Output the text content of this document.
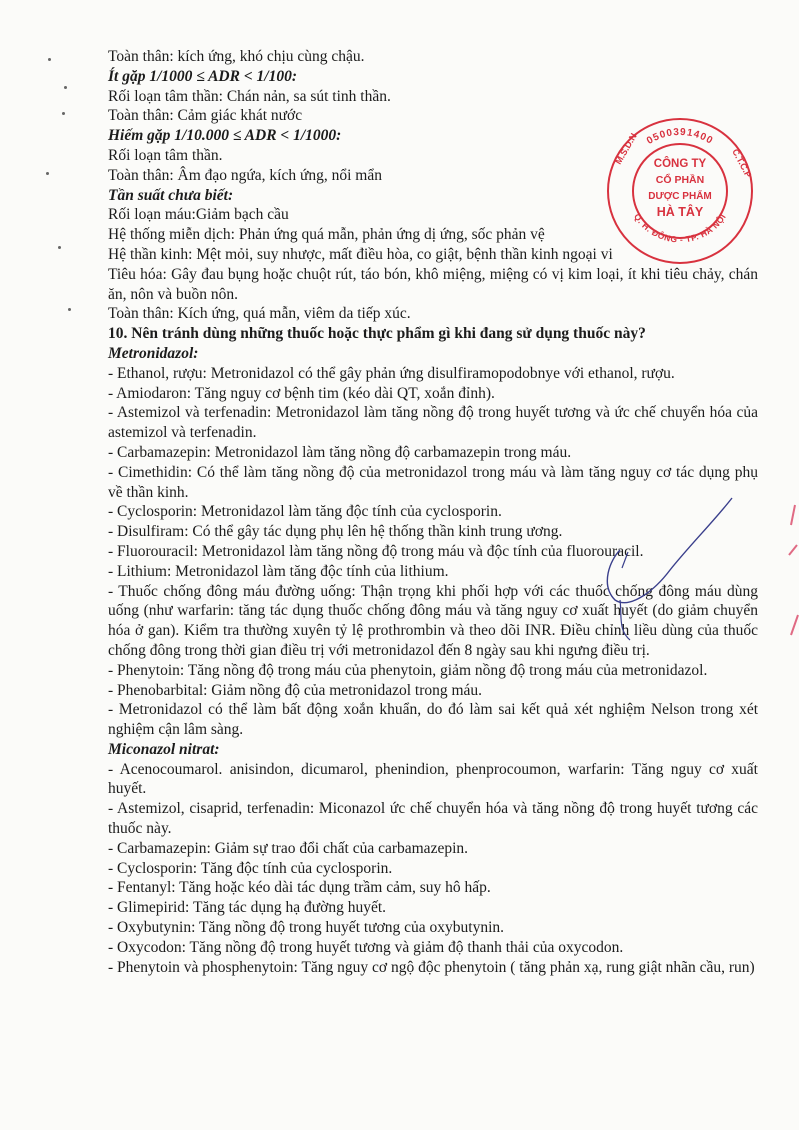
Toàn thân: kích ứng, khó chịu cùng chậu.
Ít gặp 1/1000 ≤ ADR < 1/100:
Rối loạn tâm thần: Chán nản, sa sút tinh thần.
Toàn thân: Cảm giác khát nước
Hiếm gặp 1/10.000 ≤ ADR < 1/1000:
Rối loạn tâm thần.
Toàn thân: Âm đạo ngứa, kích ứng, nổi mẩn
Tần suất chưa biết:
Rối loạn máu:Giảm bạch cầu
Hệ thống miễn dịch: Phản ứng quá mẫn, phản ứng dị ứng, sốc phản vệ
Hệ thần kinh: Mệt mỏi, suy nhược, mất điều hòa, co giật, bệnh thần kinh ngoại vi
Tiêu hóa: Gây đau bụng hoặc chuột rút, táo bón, khô miệng, miệng có vị kim loại, ít khi tiêu chảy, chán ăn, nôn và buồn nôn.
Toàn thân: Kích ứng, quá mẫn, viêm da tiếp xúc.
10. Nên tránh dùng những thuốc hoặc thực phẩm gì khi đang sử dụng thuốc này?
Metronidazol:
- Ethanol, rượu: Metronidazol có thể gây phản ứng disulfiramopodobnye với ethanol, rượu.
- Amiodaron: Tăng nguy cơ bệnh tim (kéo dài QT, xoắn đỉnh).
- Astemizol và terfenadin: Metronidazol làm tăng nồng độ trong huyết tương và ức chế chuyển hóa của astemizol và terfenadin.
- Carbamazepin: Metronidazol làm tăng nồng độ carbamazepin trong máu.
- Cimethidin: Có thể làm tăng nồng độ của metronidazol trong máu và làm tăng nguy cơ tác dụng phụ về thần kinh.
- Cyclosporin: Metronidazol làm tăng độc tính của cyclosporin.
- Disulfiram: Có thể gây tác dụng phụ lên hệ thống thần kinh trung ương.
- Fluorouracil: Metronidazol làm tăng nồng độ trong máu và độc tính của fluorouracil.
- Lithium: Metronidazol làm tăng độc tính của lithium.
- Thuốc chống đông máu đường uống: Thận trọng khi phối hợp với các thuốc chống đông máu dùng uống (như warfarin: tăng tác dụng thuốc chống đông máu và tăng nguy cơ xuất huyết (do giảm chuyển hóa ở gan). Kiểm tra thường xuyên tỷ lệ prothrombin và theo dõi INR. Điều chỉnh liều dùng của thuốc chống đông trong thời gian điều trị với metronidazol đến 8 ngày sau khi ngưng điều trị.
- Phenytoin: Tăng nồng độ trong máu của phenytoin, giảm nồng độ trong máu của metronidazol.
- Phenobarbital: Giảm nồng độ của metronidazol trong máu.
- Metronidazol có thể làm bất động xoắn khuẩn, do đó làm sai kết quả xét nghiệm Nelson trong xét nghiệm cận lâm sàng.
Miconazol nitrat:
- Acenocoumarol. anisindon, dicumarol, phenindion, phenprocoumon, warfarin: Tăng nguy cơ xuất huyết.
- Astemizol, cisaprid, terfenadin: Miconazol ức chế chuyển hóa và tăng nồng độ trong huyết tương các thuốc này.
- Carbamazepin: Giảm sự trao đổi chất của carbamazepin.
- Cyclosporin: Tăng độc tính của cyclosporin.
- Fentanyl: Tăng hoặc kéo dài tác dụng trầm cảm, suy hô hấp.
- Glimepirid: Tăng tác dụng hạ đường huyết.
- Oxybutynin: Tăng nồng độ trong huyết tương của oxybutynin.
- Oxycodon: Tăng nồng độ trong huyết tương và giảm độ thanh thải của oxycodon.
- Phenytoin và phosphenytoin: Tăng nguy cơ ngộ độc phenytoin ( tăng phản xạ, rung giật nhãn cầu, run)
0500391400
M.S.D.N	C.T.C.P
CÔNG TY
CỔ PHẦN
DƯỢC PHẨM
HÀ TÂY
Q. H. ĐÔNG - TP. HÀ NỘI
